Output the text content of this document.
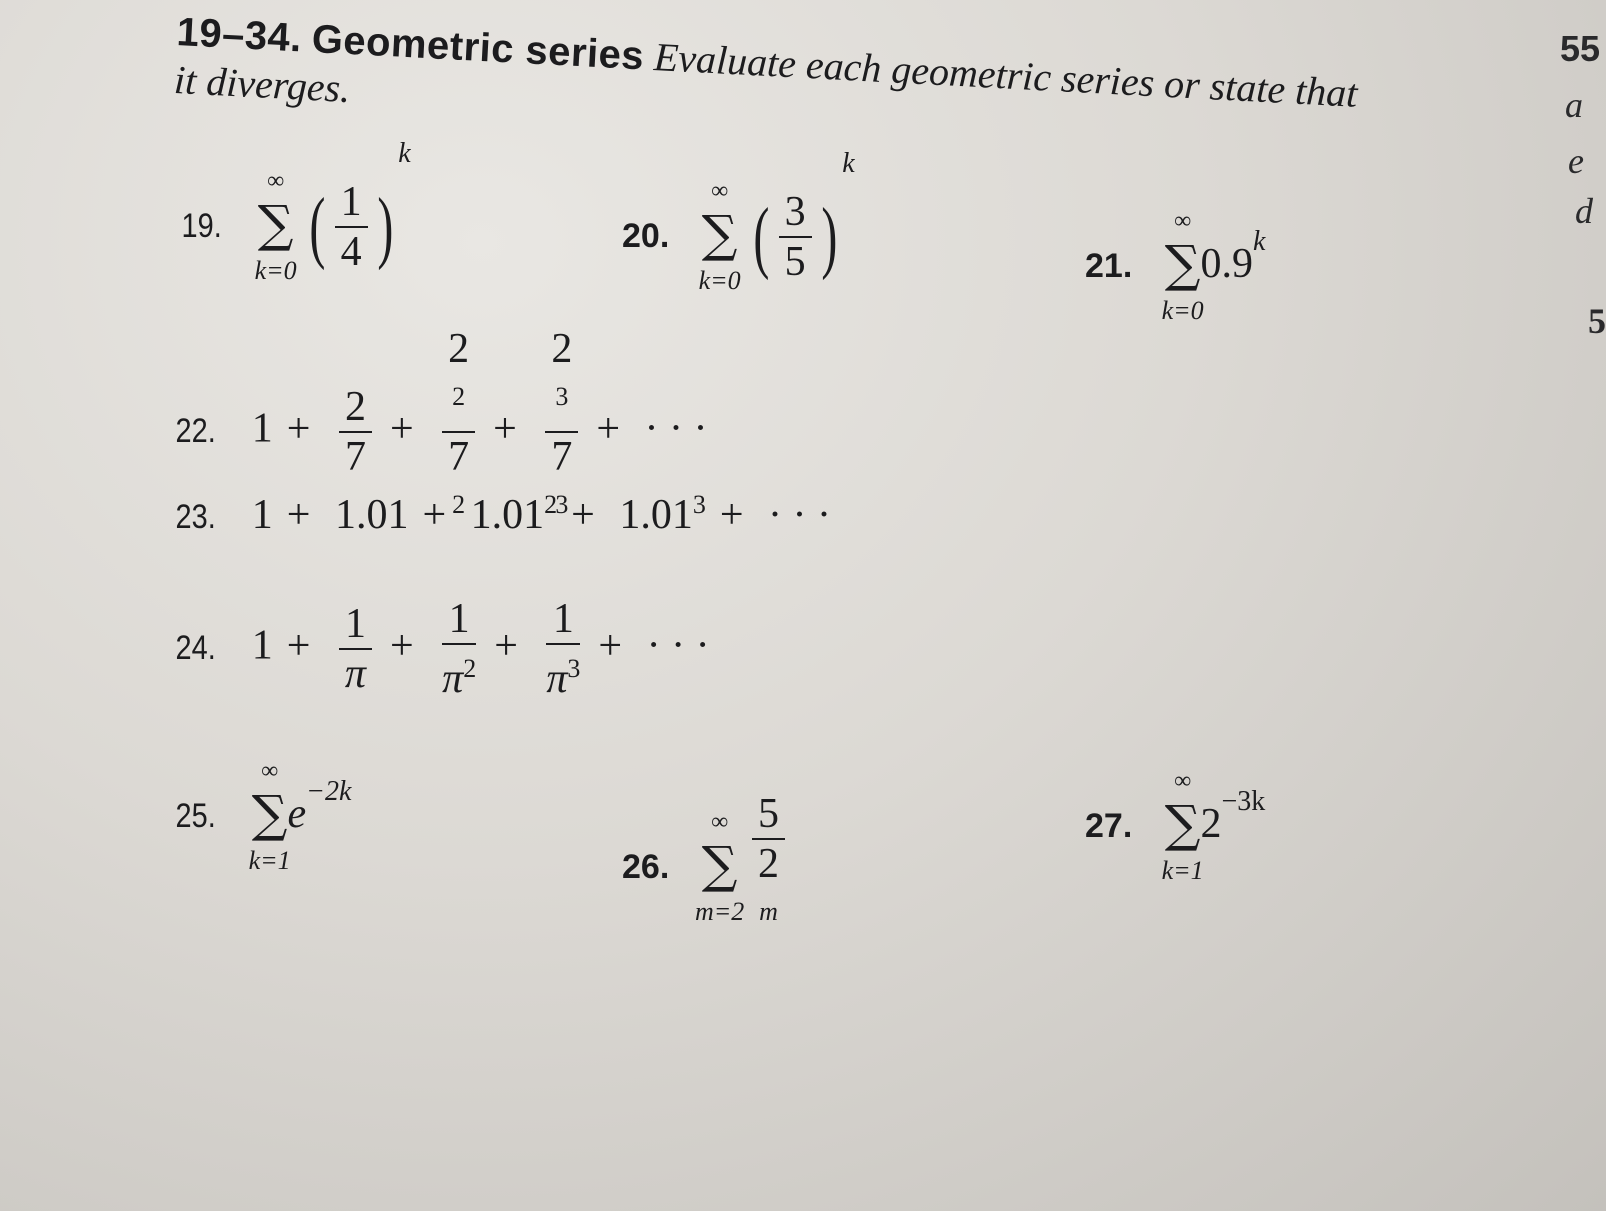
19–34. Geometric series Evaluate each geometric series or state that
it diverges.
19.
∞
∑
k=0 ( $\frac{1}{4} )^k$
20.
∞
∑
k=0 ( $\frac{3}{5} )^k$
21.
∞
∑
k=0
0.9$^k$
22. $1 + \frac{2}{7} + 2$
$^2$
7
$^2$ + 2
$^3$
7
$^3$ + · · ·
23. $1 + 1.01 + 1.01^2 + 1.01^3$ + · · ·
24. $1 + \frac{1}{\pi} + \frac{1}{\pi^2} + \frac{1}{\pi^3}$ + · · ·
25.
∞
∑
k=1
$e^{-2k}$
26.
∞
∑
m=2
5
2
$^m$	27.
∞
∑
k=1
$2^{-3k}$
55
a
e
d
5
